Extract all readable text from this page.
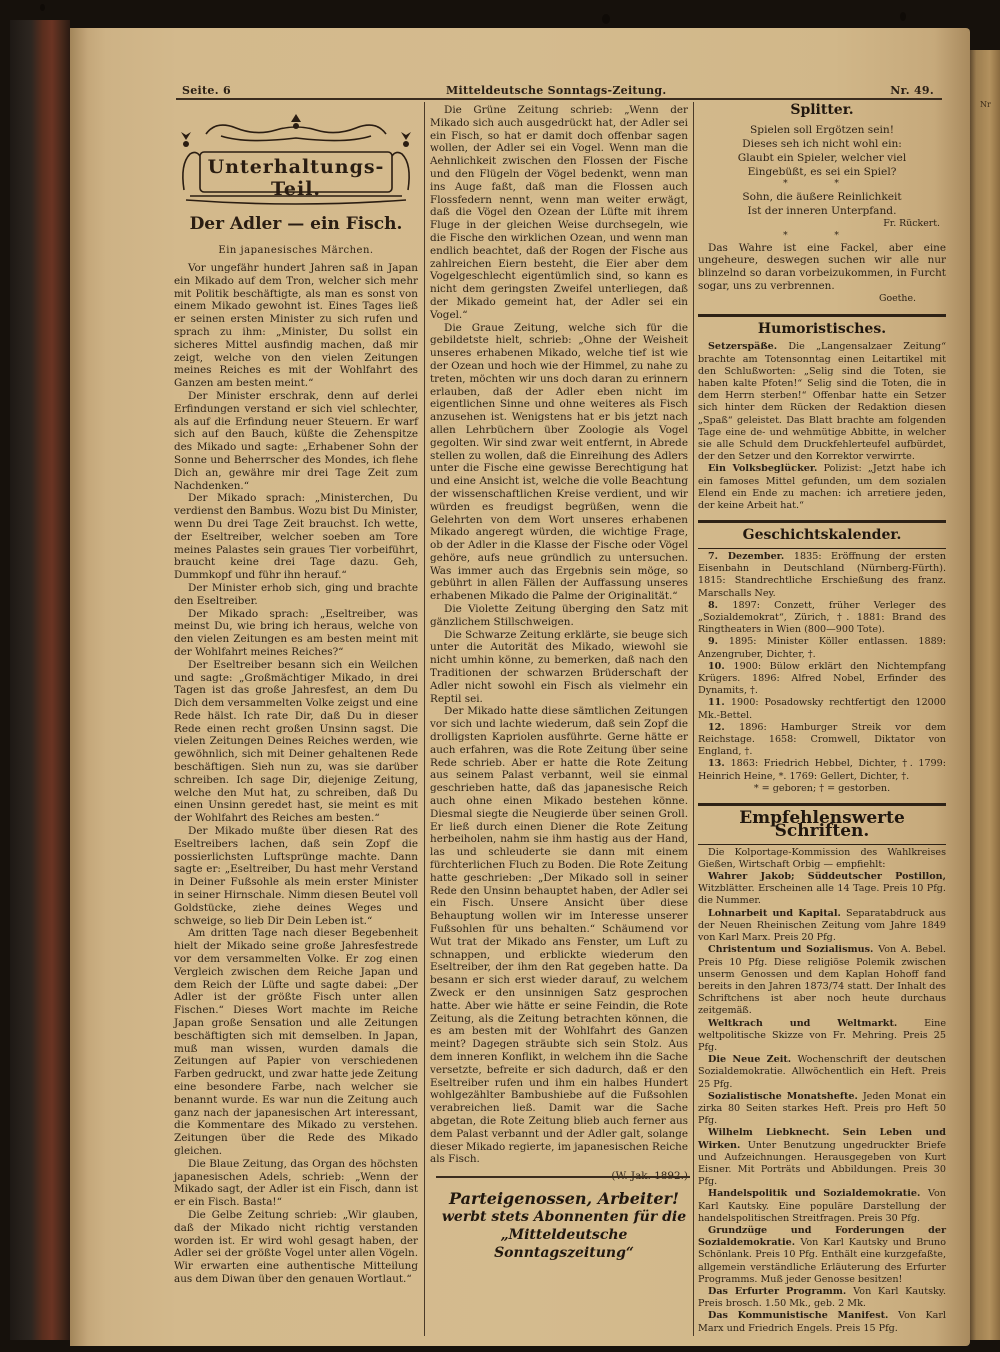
Nr
Seite. 6	Mitteldeutsche Sonntags-Zeitung.	Nr. 49.
Unterhaltungs-Teil.
Der Adler — ein Fisch.
Ein japanesisches Märchen.

Vor ungefähr hundert Jahren saß in Japan ein Mikado auf dem Tron, welcher sich mehr mit Politik beschäftigte, als man es sonst von einem Mikado gewohnt ist. Eines Tages ließ er seinen ersten Minister zu sich rufen und sprach zu ihm: „Minister, Du sollst ein sicheres Mittel ausfindig machen, daß mir zeigt, welche von den vielen Zeitungen meines Reiches es mit der Wohlfahrt des Ganzen am besten meint.“

Der Minister erschrak, denn auf derlei Erfindungen verstand er sich viel schlechter, als auf die Erfindung neuer Steuern. Er warf sich auf den Bauch, küßte die Zehenspitze des Mikado und sagte: „Erhabener Sohn der Sonne und Beherrscher des Mondes, ich flehe Dich an, gewähre mir drei Tage Zeit zum Nachdenken.“

Der Mikado sprach: „Ministerchen, Du verdienst den Bambus. Wozu bist Du Minister, wenn Du drei Tage Zeit brauchst. Ich wette, der Eseltreiber, welcher soeben am Tore meines Palastes sein graues Tier vorbeiführt, braucht keine drei Tage dazu. Geh, Dummkopf und führ ihn herauf.“

Der Minister erhob sich, ging und brachte den Eseltreiber.

Der Mikado sprach: „Eseltreiber, was meinst Du, wie bring ich heraus, welche von den vielen Zeitungen es am besten meint mit der Wohlfahrt meines Reiches?“

Der Eseltreiber besann sich ein Weilchen und sagte: „Großmächtiger Mikado, in drei Tagen ist das große Jahresfest, an dem Du Dich dem versammelten Volke zeigst und eine Rede hälst. Ich rate Dir, daß Du in dieser Rede einen recht großen Unsinn sagst. Die vielen Zeitungen Deines Reiches werden, wie gewöhnlich, sich mit Deiner gehaltenen Rede beschäftigen. Sieh nun zu, was sie darüber schreiben. Ich sage Dir, diejenige Zeitung, welche den Mut hat, zu schreiben, daß Du einen Unsinn geredet hast, sie meint es mit der Wohlfahrt des Reiches am besten.“

Der Mikado mußte über diesen Rat des Eseltreibers lachen, daß sein Zopf die possierlichsten Luftsprünge machte. Dann sagte er: „Eseltreiber, Du hast mehr Verstand in Deiner Fußsohle als mein erster Minister in seiner Hirnschale. Nimm diesen Beutel voll Goldstücke, ziehe deines Weges und schweige, so lieb Dir Dein Leben ist.“

Am dritten Tage nach dieser Begebenheit hielt der Mikado seine große Jahresfestrede vor dem versammelten Volke. Er zog einen Vergleich zwischen dem Reiche Japan und dem Reich der Lüfte und sagte dabei: „Der Adler ist der größte Fisch unter allen Fischen.“ Dieses Wort machte im Reiche Japan große Sensation und alle Zeitungen beschäftigten sich mit demselben. In Japan, muß man wissen, wurden damals die Zeitungen auf Papier von verschiedenen Farben gedruckt, und zwar hatte jede Zeitung eine besondere Farbe, nach welcher sie benannt wurde. Es war nun die Zeitung auch ganz nach der japanesischen Art interessant, die Kommentare des Mikado zu verstehen. Zeitungen über die Rede des Mikado gleichen.

Die Blaue Zeitung, das Organ des höchsten japanesischen Adels, schrieb: „Wenn der Mikado sagt, der Adler ist ein Fisch, dann ist er ein Fisch. Basta!“

Die Gelbe Zeitung schrieb: „Wir glauben, daß der Mikado nicht richtig verstanden worden ist. Er wird wohl gesagt haben, der Adler sei der größte Vogel unter allen Vögeln. Wir erwarten eine authentische Mitteilung aus dem Diwan über den genauen Wortlaut.“

Die Grüne Zeitung schrieb: „Wenn der Mikado sich auch ausgedrückt hat, der Adler sei ein Fisch, so hat er damit doch offenbar sagen wollen, der Adler sei ein Vogel. Wenn man die Aehnlichkeit zwischen den Flossen der Fische und den Flügeln der Vögel bedenkt, wenn man ins Auge faßt, daß man die Flossen auch Flossfedern nennt, wenn man weiter erwägt, daß die Vögel den Ozean der Lüfte mit ihrem Fluge in der gleichen Weise durchsegeln, wie die Fische den wirklichen Ozean, und wenn man endlich beachtet, daß der Rogen der Fische aus zahlreichen Eiern besteht, die Eier aber dem Vogelgeschlecht eigentümlich sind, so kann es nicht dem geringsten Zweifel unterliegen, daß der Mikado gemeint hat, der Adler sei ein Vogel.“

Die Graue Zeitung, welche sich für die gebildetste hielt, schrieb: „Ohne der Weisheit unseres erhabenen Mikado, welche tief ist wie der Ozean und hoch wie der Himmel, zu nahe zu treten, möchten wir uns doch daran zu erinnern erlauben, daß der Adler eben nicht im eigentlichen Sinne und ohne weiteres als Fisch anzusehen ist. Wenigstens hat er bis jetzt nach allen Lehrbüchern über Zoologie als Vogel gegolten. Wir sind zwar weit entfernt, in Abrede stellen zu wollen, daß die Einreihung des Adlers unter die Fische eine gewisse Berechtigung hat und eine Ansicht ist, welche die volle Beachtung der wissenschaftlichen Kreise verdient, und wir würden es freudigst begrüßen, wenn die Gelehrten von dem Wort unseres erhabenen Mikado angeregt würden, die wichtige Frage, ob der Adler in die Klasse der Fische oder Vögel gehöre, aufs neue gründlich zu untersuchen. Was immer auch das Ergebnis sein möge, so gebührt in allen Fällen der Auffassung unseres erhabenen Mikado die Palme der Originalität.“

Die Violette Zeitung überging den Satz mit gänzlichem Stillschweigen.

Die Schwarze Zeitung erklärte, sie beuge sich unter die Autorität des Mikado, wiewohl sie nicht umhin könne, zu bemerken, daß nach den Traditionen der schwarzen Brüderschaft der Adler nicht sowohl ein Fisch als vielmehr ein Reptil sei.

Der Mikado hatte diese sämtlichen Zeitungen vor sich und lachte wiederum, daß sein Zopf die drolligsten Kapriolen ausführte. Gerne hätte er auch erfahren, was die Rote Zeitung über seine Rede schrieb. Aber er hatte die Rote Zeitung aus seinem Palast verbannt, weil sie einmal geschrieben hatte, daß das japanesische Reich auch ohne einen Mikado bestehen könne. Diesmal siegte die Neugierde über seinen Groll. Er ließ durch einen Diener die Rote Zeitung herbeiholen, nahm sie ihm hastig aus der Hand, las und schleuderte sie dann mit einem fürchterlichen Fluch zu Boden. Die Rote Zeitung hatte geschrieben: „Der Mikado soll in seiner Rede den Unsinn behauptet haben, der Adler sei ein Fisch. Unsere Ansicht über diese Behauptung wollen wir im Interesse unserer Fußsohlen für uns behalten.“ Schäumend vor Wut trat der Mikado ans Fenster, um Luft zu schnappen, und erblickte wiederum den Eseltreiber, der ihm den Rat gegeben hatte. Da besann er sich erst wieder darauf, zu welchem Zweck er den unsinnigen Satz gesprochen hatte. Aber wie hätte er seine Feindin, die Rote Zeitung, als die Zeitung betrachten können, die es am besten mit der Wohlfahrt des Ganzen meint? Dagegen sträubte sich sein Stolz. Aus dem inneren Konflikt, in welchem ihn die Sache versetzte, befreite er sich dadurch, daß er den Eseltreiber rufen und ihm ein halbes Hundert wohlgezählter Bambushiebe auf die Fußsohlen verabreichen ließ. Damit war die Sache abgetan, die Rote Zeitung blieb auch ferner aus dem Palast verbannt und der Adler galt, solange dieser Mikado regierte, im japanesischen Reiche als Fisch.

Parteigenossen, Arbeiter!
werbt stets Abonnenten für die
„Mitteldeutsche Sonntagszeitung“
Splitter.
Spielen soll Ergötzen sein!
Dieses seh ich nicht wohl ein:
Glaubt ein Spieler, welcher viel
Eingebüßt, es sei ein Spiel?
* *
Sohn, die äußere Reinlichkeit
Ist der inneren Unterpfand.
Fr. Rückert.
* *

Das Wahre ist eine Fackel, aber eine ungeheure, deswegen suchen wir alle nur blinzelnd so daran vorbeizukommen, in Furcht sogar, uns zu verbrennen.

Goethe.
Humoristisches.

Setzerspäße. Die „Langensalzaer Zeitung“ brachte am Totensonntag einen Leitartikel mit den Schlußworten: „Selig sind die Toten, sie haben kalte Pfoten!“ Selig sind die Toten, die in dem Herrn sterben!“ Offenbar hatte ein Setzer sich hinter dem Rücken der Redaktion diesen „Spaß“ geleistet. Das Blatt brachte am folgenden Tage eine de- und wehmütige Abbitte, in welcher sie alle Schuld dem Druckfehlerteufel aufbürdet, der den Setzer und den Korrektor verwirrte.

Ein Volksbeglücker. Polizist: „Jetzt habe ich ein famoses Mittel gefunden, um dem sozialen Elend ein Ende zu machen: ich arretiere jeden, der keine Arbeit hat.“

Geschichtskalender.

7. Dezember. 1835: Eröffnung der ersten Eisenbahn in Deutschland (Nürnberg-Fürth). 1815: Standrechtliche Erschießung des franz. Marschalls Ney.

8. 1897: Conzett, früher Verleger des „Sozialdemokrat“, Zürich, †. 1881: Brand des Ringtheaters in Wien (800—900 Tote).

9. 1895: Minister Köller entlassen. 1889: Anzengruber, Dichter, †.

10. 1900: Bülow erklärt den Nichtempfang Krügers. 1896: Alfred Nobel, Erfinder des Dynamits, †.

11. 1900: Posadowsky rechtfertigt den 12000 Mk.-Bettel.

12. 1896: Hamburger Streik vor dem Reichstage. 1658: Cromwell, Diktator von England, †.

13. 1863: Friedrich Hebbel, Dichter, †. 1799: Heinrich Heine, *. 1769: Gellert, Dichter, †.

* = geboren; † = gestorben.
Empfehlenswerte Schriften.

Die Kolportage-Kommission des Wahlkreises Gießen, Wirtschaft Orbig — empfiehlt:

Wahrer Jakob; Süddeutscher Postillon, Witzblätter. Erscheinen alle 14 Tage. Preis 10 Pfg. die Nummer.

Lohnarbeit und Kapital. Separatabdruck aus der Neuen Rheinischen Zeitung vom Jahre 1849 von Karl Marx. Preis 20 Pfg.

Christentum und Sozialismus. Von A. Bebel. Preis 10 Pfg. Diese religiöse Polemik zwischen unserm Genossen und dem Kaplan Hohoff fand bereits in den Jahren 1873/74 statt. Der Inhalt des Schriftchens ist aber noch heute durchaus zeitgemäß.

Weltkrach und Weltmarkt. Eine weltpolitische Skizze von Fr. Mehring. Preis 25 Pfg.

Die Neue Zeit. Wochenschrift der deutschen Sozialdemokratie. Allwöchentlich ein Heft. Preis 25 Pfg.

Sozialistische Monatshefte. Jeden Monat ein zirka 80 Seiten starkes Heft. Preis pro Heft 50 Pfg.

Wilhelm Liebknecht. Sein Leben und Wirken. Unter Benutzung ungedruckter Briefe und Aufzeichnungen. Herausgegeben von Kurt Eisner. Mit Porträts und Abbildungen. Preis 30 Pfg.

Handelspolitik und Sozialdemokratie. Von Karl Kautsky. Eine populäre Darstellung der handelspolitischen Streitfragen. Preis 30 Pfg.

Grundzüge und Forderungen der Sozialdemokratie. Von Karl Kautsky und Bruno Schönlank. Preis 10 Pfg. Enthält eine kurzgefaßte, allgemein verständliche Erläuterung des Erfurter Programms. Muß jeder Genosse besitzen!

Das Erfurter Programm. Von Karl Kautsky. Preis brosch. 1.50 Mk., geb. 2 Mk.

Das Kommunistische Manifest. Von Karl Marx und Friedrich Engels. Preis 15 Pfg.
